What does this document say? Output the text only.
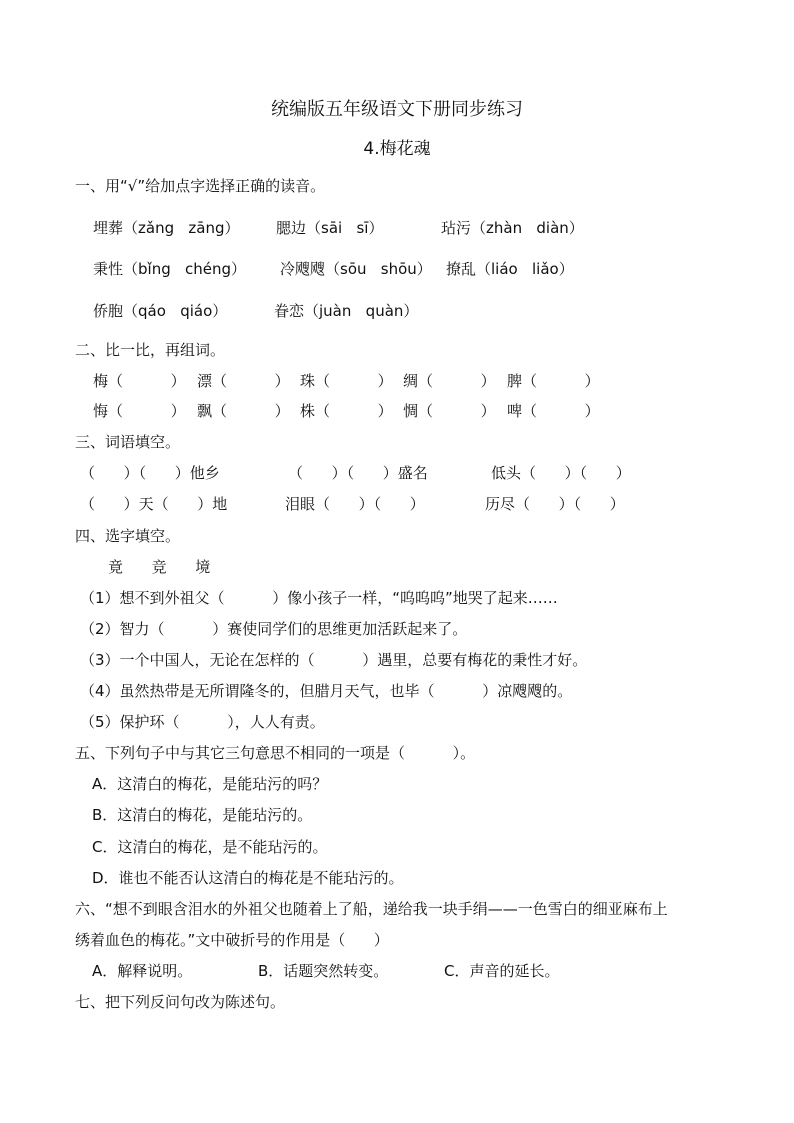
统编版五年级语文下册同步练习
4.梅花魂
一、用“√”给加点字选择正确的读音。
埋葬（zǎng   zāng） 腮边（sāi   sī）	玷污（zhàn   diàn）
秉性（bǐng   chéng） 冷飕飕（sōu   shōu） 撩乱（liáo   liǎo）
侨胞（qáo   qiáo）	眷恋（juàn   quàn）
二、比一比，再组词。
梅（          ） 漂（          ） 珠（          ） 绸（          ） 脾（          ）
悔（          ） 飘（          ） 株（          ） 惆（          ） 啤（          ）
三、词语填空。
（      ）（      ）他乡	（      ）（      ）盛名	低头（      ）（      ）
（      ）天（      ）地	泪眼（      ）（      ）	历尽（      ）（      ）
四、选字填空。
竟      竞      境
（1）想不到外祖父（          ）像小孩子一样，“呜呜呜”地哭了起来……
（2）智力（          ）赛使同学们的思维更加活跃起来了。
（3）一个中国人，无论在怎样的（          ）遇里，总要有梅花的秉性才好。
（4）虽然热带是无所谓隆冬的，但腊月天气，也毕（          ）凉飕飕的。
（5）保护环（          ），人人有责。
五、下列句子中与其它三句意思不相同的一项是（          ）。
A．这清白的梅花，是能玷污的吗？
B．这清白的梅花，是能玷污的。
C．这清白的梅花，是不能玷污的。
D．谁也不能否认这清白的梅花是不能玷污的。
六、“想不到眼含泪水的外祖父也随着上了船，递给我一块手绢——一色雪白的细亚麻布上
绣着血色的梅花。”文中破折号的作用是（      ）
A．解释说明。	B．话题突然转变。	C．声音的延长。
七、把下列反问句改为陈述句。
